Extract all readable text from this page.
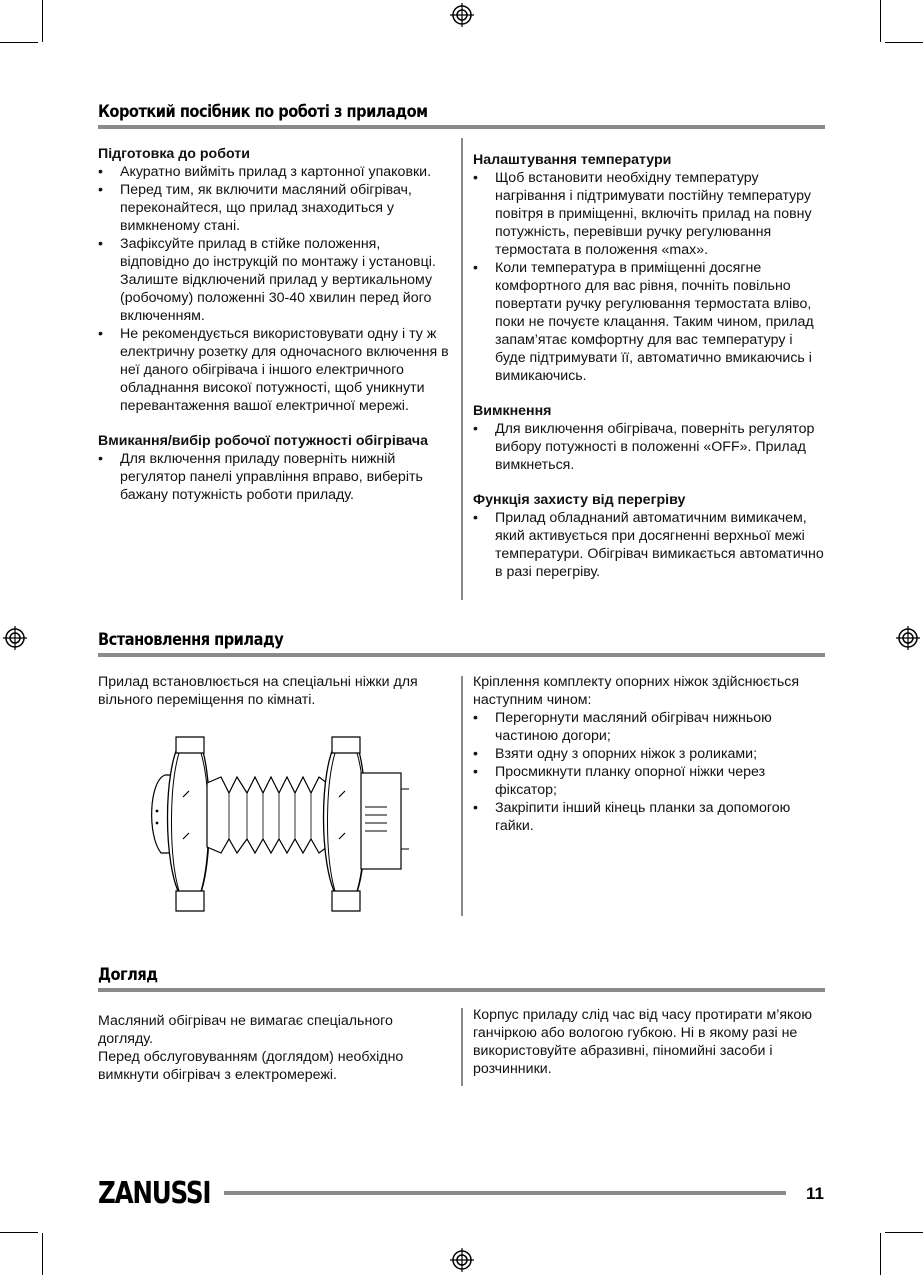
Короткий посібник по роботі з приладом
Підготовка до роботи
• Акуратно вийміть прилад з картонної упаковки.
• Перед тим, як включити масляний обігрівач, переконайтеся, що прилад знаходиться у вимкненому стані.
• Зафіксуйте прилад в стійке положення, відповідно до інструкцій по монтажу і установці. Залиште відключений прилад у вертикальному (робочому) положенні 30-40 хвилин перед його включенням.
• Не рекомендується використовувати одну і ту ж електричну розетку для одночасного включення в неї даного обігрівача і іншого електричного обладнання високої потужності, щоб уникнути перевантаження вашої електричної мережі.
Вмикання/вибір робочої потужності обігрівача
• Для включення приладу поверніть нижній регулятор панелі управління вправо, виберіть бажану потужність роботи приладу.
Налаштування температури
• Щоб встановити необхідну температуру нагрівання і підтримувати постійну температуру повітря в приміщенні, включіть прилад на повну потужність, перевівши ручку регулювання термостата в положення «max».
• Коли температура в приміщенні досягне комфортного для вас рівня, почніть повільно повертати ручку регулювання термостата вліво, поки не почуєте клацання. Таким чином, прилад запам’ятає комфортну для вас температуру і буде підтримувати її, автоматично вмикаючись і вимикаючись.
Вимкнення
• Для виключення обігрівача, поверніть регулятор вибору потужності в положенні «OFF». Прилад вимкнеться.
Функція захисту від перегріву
• Прилад обладнаний автоматичним вимикачем, який активується при досягненні верхньої межі температури. Обігрівач вимикається автоматично в разі перегріву.
Встановлення приладу

Прилад встановлюється на спеціальні ніжки для вільного переміщення по кімнаті.

Кріплення комплекту опорних ніжок здійснюється наступним чином:

• Перегорнути масляний обігрівач нижньою частиною догори;
• Взяти одну з опорних ніжок з роликами;
• Просмикнути планку опорної ніжки через фіксатор;
• Закріпити інший кінець планки за допомогою гайки.
Догляд

Масляний обігрівач не вимагає спеціального догляду.

Перед обслуговуванням (доглядом) необхідно вимкнути обігрівач з електромережі.

Корпус приладу слід час від часу протирати м’якою ганчіркою або вологою губкою. Ні в якому разі не використовуйте абразивні, піномийні засоби і розчинники.

ZANUSSI	11
